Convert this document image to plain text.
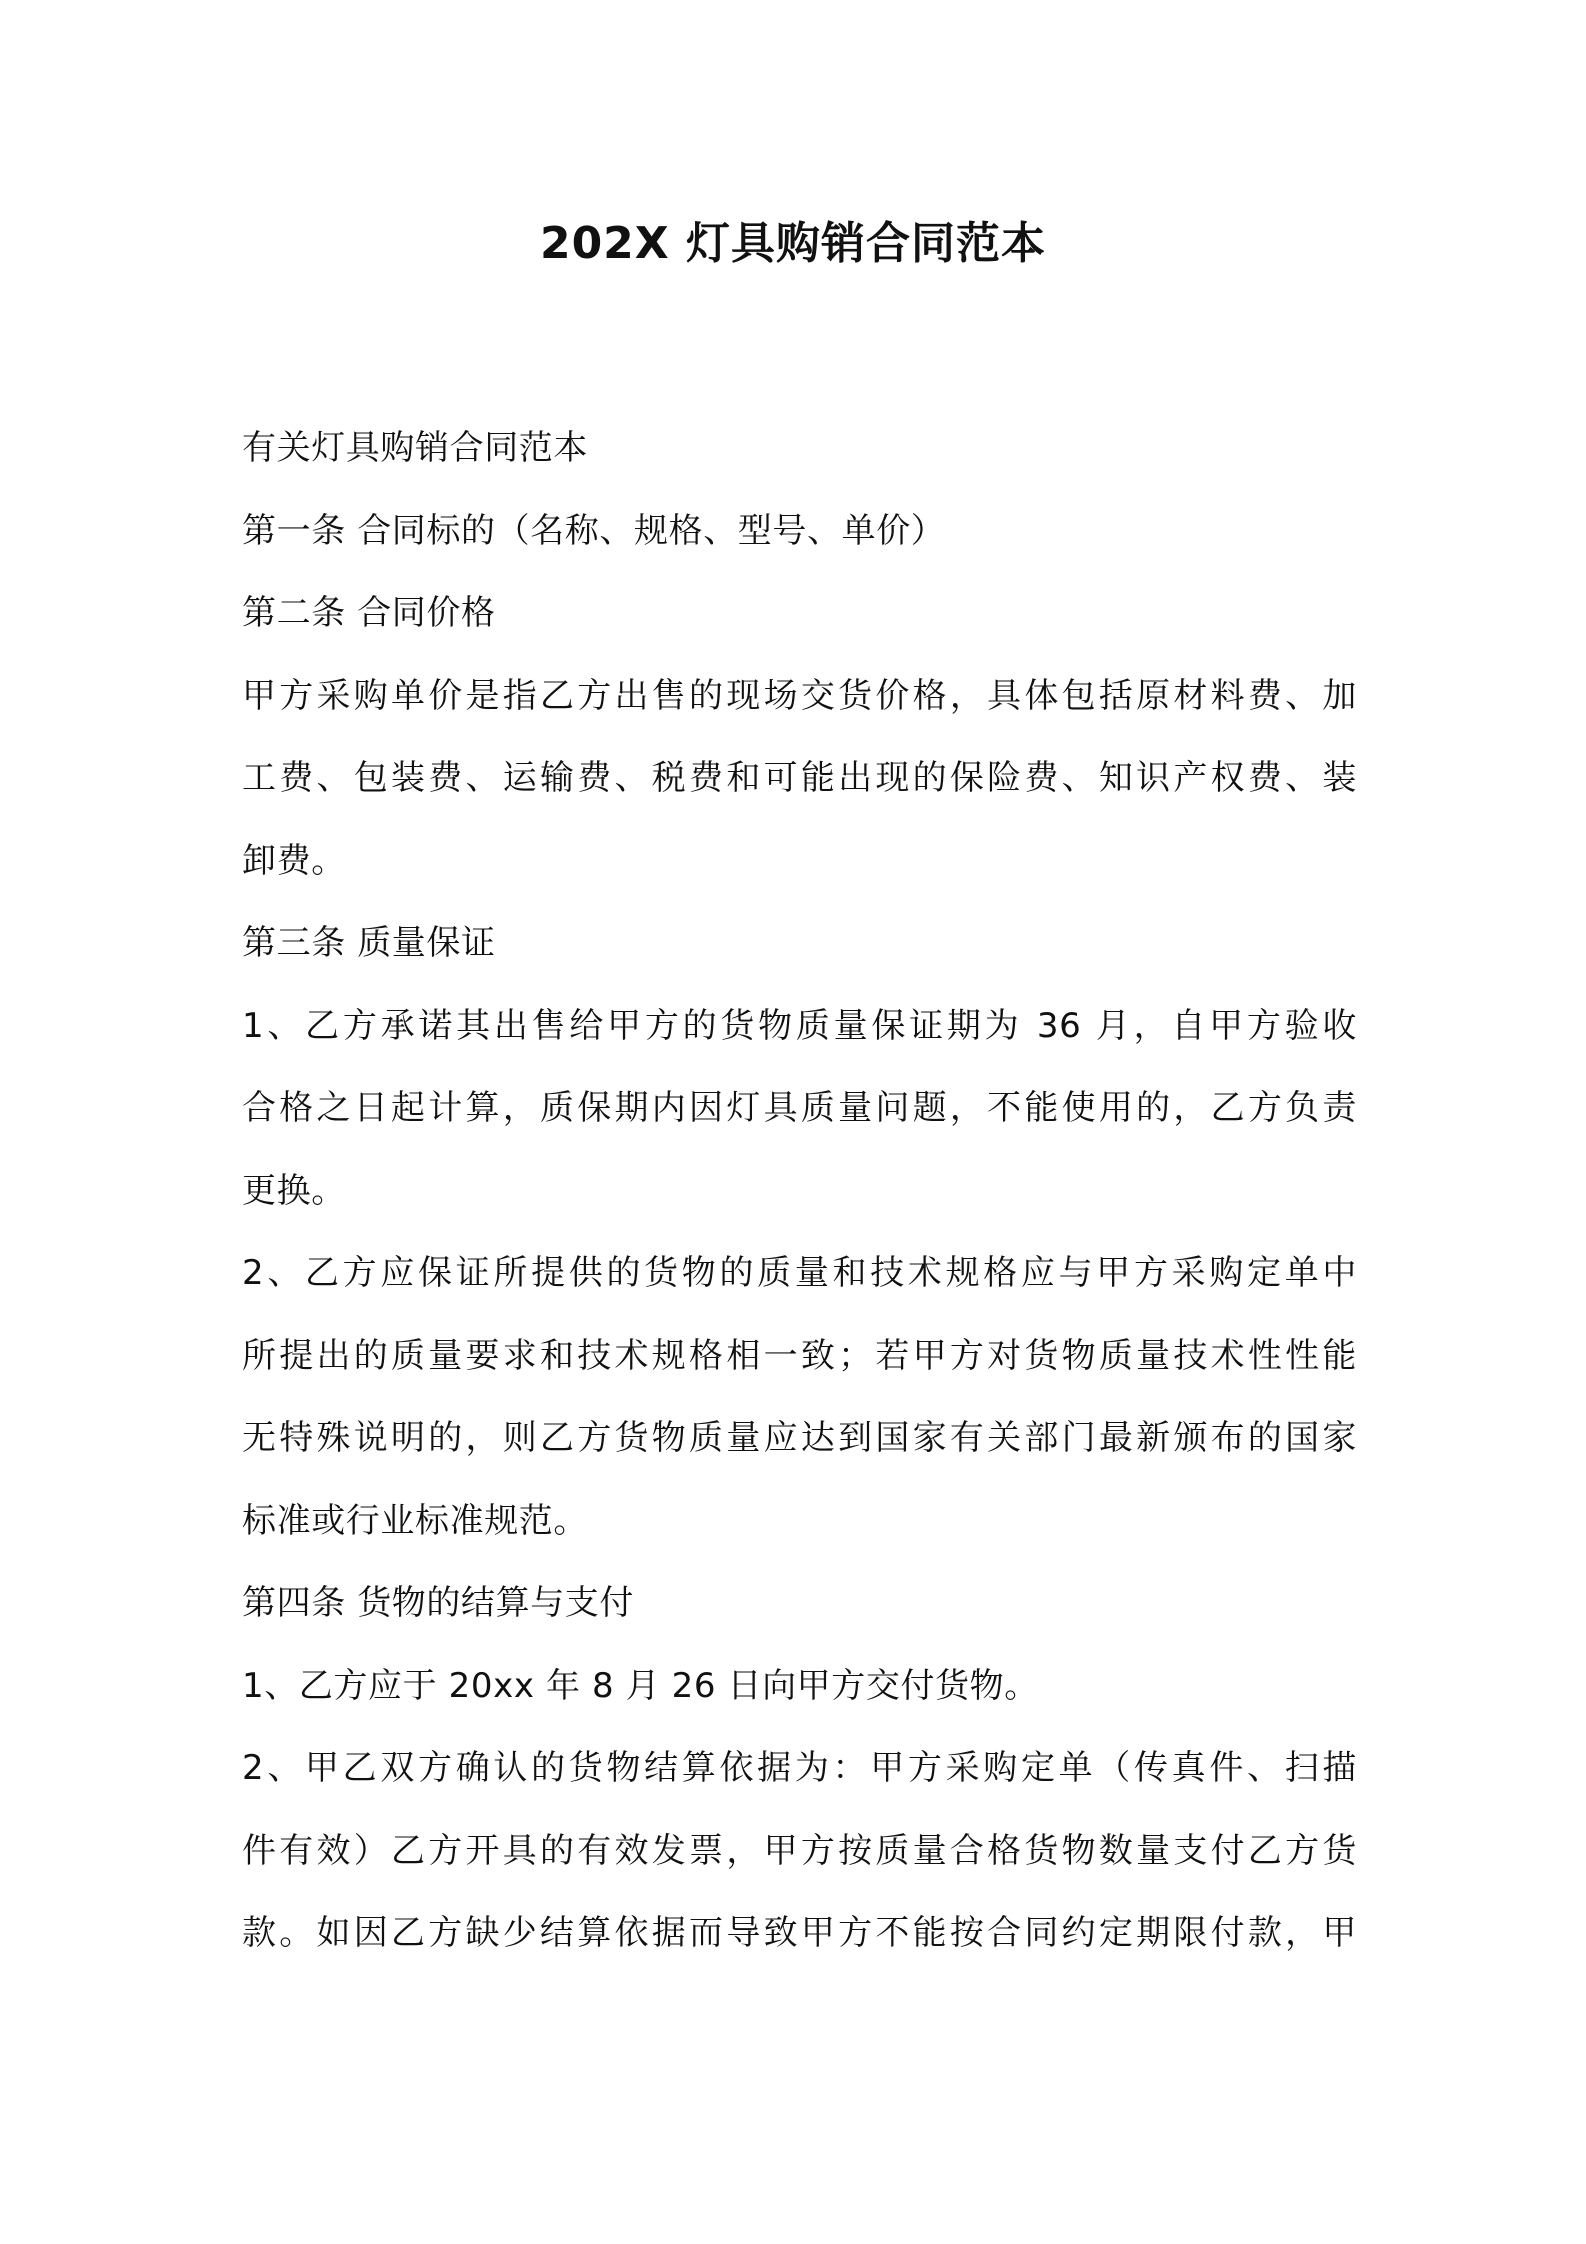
202X 灯具购销合同范本
有关灯具购销合同范本
第一条 合同标的（名称、规格、型号、单价）
第二条 合同价格
甲方采购单价是指乙方出售的现场交货价格，具体包括原材料费、加
工费、包装费、运输费、税费和可能出现的保险费、知识产权费、装
卸费。
第三条 质量保证
1、乙方承诺其出售给甲方的货物质量保证期为 36 月，自甲方验收
合格之日起计算，质保期内因灯具质量问题，不能使用的，乙方负责
更换。
2、乙方应保证所提供的货物的质量和技术规格应与甲方采购定单中
所提出的质量要求和技术规格相一致；若甲方对货物质量技术性性能
无特殊说明的，则乙方货物质量应达到国家有关部门最新颁布的国家
标准或行业标准规范。
第四条 货物的结算与支付
1、乙方应于 20xx 年 8 月 26 日向甲方交付货物。
2、甲乙双方确认的货物结算依据为：甲方采购定单（传真件、扫描
件有效）乙方开具的有效发票，甲方按质量合格货物数量支付乙方货
款。如因乙方缺少结算依据而导致甲方不能按合同约定期限付款，甲
